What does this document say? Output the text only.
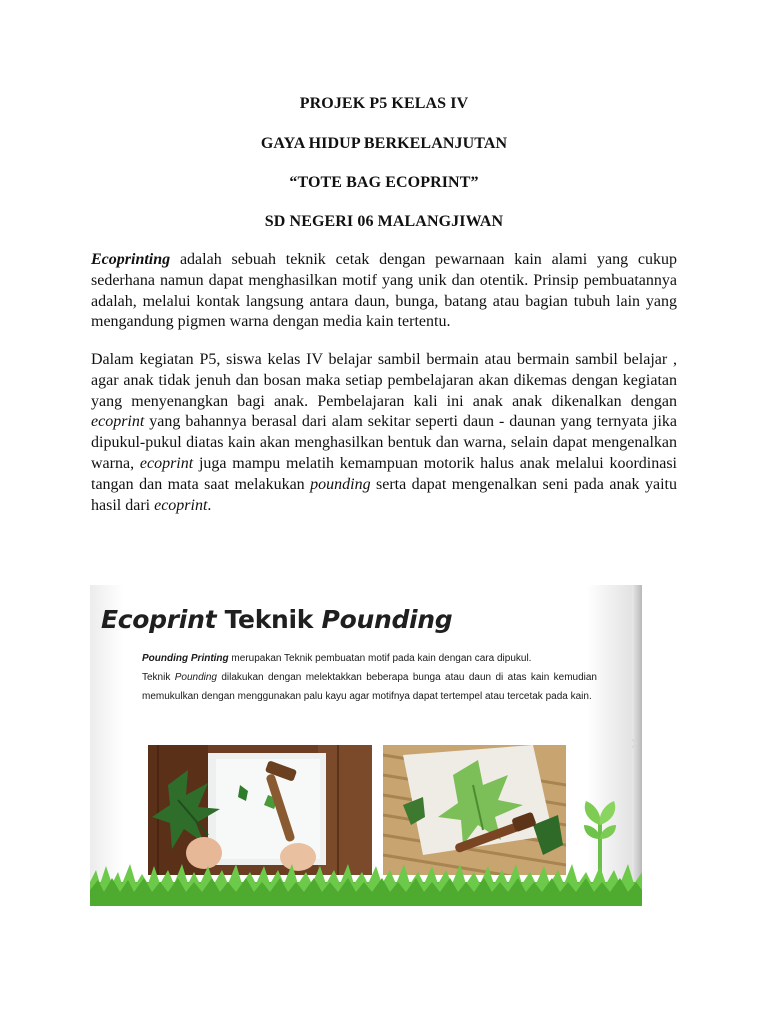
PROJEK P5 KELAS IV
GAYA HIDUP BERKELANJUTAN
“TOTE BAG ECOPRINT”
SD NEGERI 06 MALANGJIWAN

Ecoprinting adalah sebuah teknik cetak dengan pewarnaan kain alami yang cukup sederhana namun dapat menghasilkan motif yang unik dan otentik. Prinsip pembuatannya adalah, melalui kontak langsung antara daun, bunga, batang atau bagian tubuh lain yang mengandung pigmen warna dengan media kain tertentu.

Dalam kegiatan P5, siswa kelas IV belajar sambil bermain atau bermain sambil belajar , agar anak tidak jenuh dan bosan maka setiap pembelajaran akan dikemas dengan kegiatan yang menyenangkan bagi anak. Pembelajaran kali ini anak anak dikenalkan dengan ecoprint yang bahannya berasal dari alam sekitar seperti daun - daunan yang ternyata jika dipukul-pukul diatas kain akan menghasilkan bentuk dan warna, selain dapat mengenalkan warna, ecoprint juga mampu melatih kemampuan motorik halus anak melalui koordinasi tangan dan mata saat melakukan pounding serta dapat mengenalkan seni pada anak yaitu hasil dari ecoprint.

Ecoprint Teknik Pounding

Pounding Printing merupakan Teknik pembuatan motif pada kain dengan cara dipukul.

Teknik Pounding dilakukan dengan melektakkan beberapa bunga atau daun di atas kain kemudian memukulkan dengan menggunakan palu kayu agar motifnya dapat tertempel atau tercetak pada kain.

›
